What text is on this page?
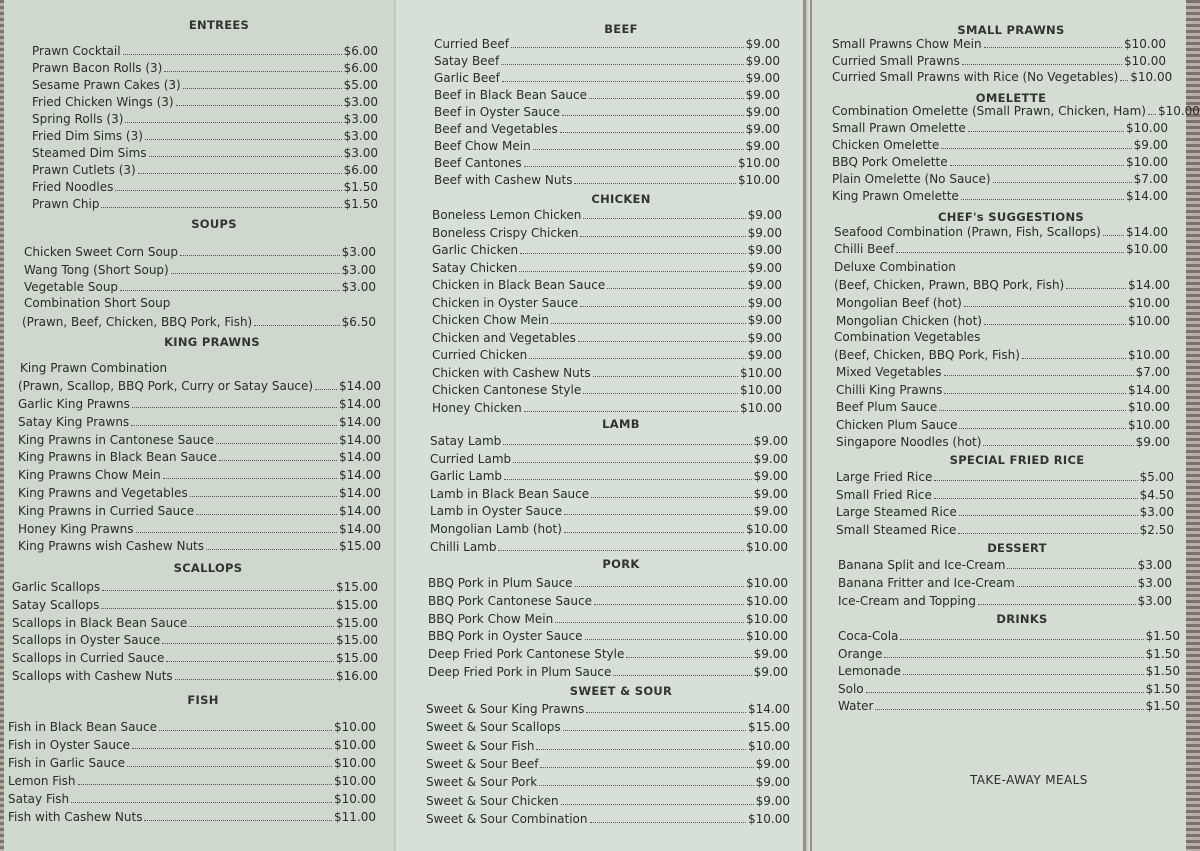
ENTREES
Prawn Cocktail	$6.00
Prawn Bacon Rolls (3)	$6.00
Sesame Prawn Cakes (3)	$5.00
Fried Chicken Wings (3)	$3.00
Spring Rolls (3)	$3.00
Fried Dim Sims (3)	$3.00
Steamed Dim Sims	$3.00
Prawn Cutlets (3)	$6.00
Fried Noodles	$1.50
Prawn Chip	$1.50
SOUPS
Chicken Sweet Corn Soup	$3.00
Wang Tong (Short Soup)	$3.00
Vegetable Soup	$3.00
Combination Short Soup
(Prawn, Beef, Chicken, BBQ Pork, Fish)	$6.50
KING PRAWNS
King Prawn Combination
(Prawn, Scallop, BBQ Pork, Curry or Satay Sauce) $14.00
Garlic King Prawns	$14.00
Satay King Prawns	$14.00
King Prawns in Cantonese Sauce	$14.00
King Prawns in Black Bean Sauce	$14.00
King Prawns Chow Mein	$14.00
King Prawns and Vegetables	$14.00
King Prawns in Curried Sauce	$14.00
Honey King Prawns	$14.00
King Prawns wish Cashew Nuts	$15.00
SCALLOPS
Garlic Scallops	$15.00
Satay Scallops	$15.00
Scallops in Black Bean Sauce	$15.00
Scallops in Oyster Sauce	$15.00
Scallops in Curried Sauce	$15.00
Scallops with Cashew Nuts	$16.00
FISH
Fish in Black Bean Sauce	$10.00
Fish in Oyster Sauce	$10.00
Fish in Garlic Sauce	$10.00
Lemon Fish	$10.00
Satay Fish	$10.00
Fish with Cashew Nuts	$11.00
BEEF
Curried Beef	$9.00
Satay Beef	$9.00
Garlic Beef	$9.00
Beef in Black Bean Sauce	$9.00
Beef in Oyster Sauce	$9.00
Beef and Vegetables	$9.00
Beef Chow Mein	$9.00
Beef Cantones	$10.00
Beef with Cashew Nuts	$10.00
CHICKEN
Boneless Lemon Chicken	$9.00
Boneless Crispy Chicken	$9.00
Garlic Chicken	$9.00
Satay Chicken	$9.00
Chicken in Black Bean Sauce	$9.00
Chicken in Oyster Sauce	$9.00
Chicken Chow Mein	$9.00
Chicken and Vegetables	$9.00
Curried Chicken	$9.00
Chicken with Cashew Nuts	$10.00
Chicken Cantonese Style	$10.00
Honey Chicken	$10.00
LAMB
Satay Lamb	$9.00
Curried Lamb	$9.00
Garlic Lamb	$9.00
Lamb in Black Bean Sauce	$9.00
Lamb in Oyster Sauce	$9.00
Mongolian Lamb (hot)	$10.00
Chilli Lamb	$10.00
PORK
BBQ Pork in Plum Sauce	$10.00
BBQ Pork Cantonese Sauce	$10.00
BBQ Pork Chow Mein	$10.00
BBQ Pork in Oyster Sauce	$10.00
Deep Fried Pork Cantonese Style	$9.00
Deep Fried Pork in Plum Sauce	$9.00
SWEET & SOUR
Sweet & Sour King Prawns	$14.00
Sweet & Sour Scallops	$15.00
Sweet & Sour Fish	$10.00
Sweet & Sour Beef	$9.00
Sweet & Sour Pork	$9.00
Sweet & Sour Chicken	$9.00
Sweet & Sour Combination	$10.00
SMALL PRAWNS
Small Prawns Chow Mein	$10.00
Curried Small Prawns	$10.00
Curried Small Prawns with Rice (No Vegetables) $10.00
OMELETTE
Combination Omelette (Small Prawn, Chicken, Ham) $10.00
Small Prawn Omelette	$10.00
Chicken Omelette	$9.00
BBQ Pork Omelette	$10.00
Plain Omelette (No Sauce)	$7.00
King Prawn Omelette	$14.00
CHEF's SUGGESTIONS
Seafood Combination (Prawn, Fish, Scallops) $14.00
Chilli Beef	$10.00
Deluxe Combination
(Beef, Chicken, Prawn, BBQ Pork, Fish)	$14.00
Mongolian Beef (hot)	$10.00
Mongolian Chicken (hot)	$10.00
Combination Vegetables
(Beef, Chicken, BBQ Pork, Fish)	$10.00
Mixed Vegetables	$7.00
Chilli King Prawns	$14.00
Beef Plum Sauce	$10.00
Chicken Plum Sauce	$10.00
Singapore Noodles (hot)	$9.00
SPECIAL FRIED RICE
Large Fried Rice	$5.00
Small Fried Rice	$4.50
Large Steamed Rice	$3.00
Small Steamed Rice	$2.50
DESSERT
Banana Split and Ice-Cream	$3.00
Banana Fritter and Ice-Cream	$3.00
Ice-Cream and Topping	$3.00
DRINKS
Coca-Cola	$1.50
Orange	$1.50
Lemonade	$1.50
Solo	$1.50
Water	$1.50
TAKE-AWAY MEALS
